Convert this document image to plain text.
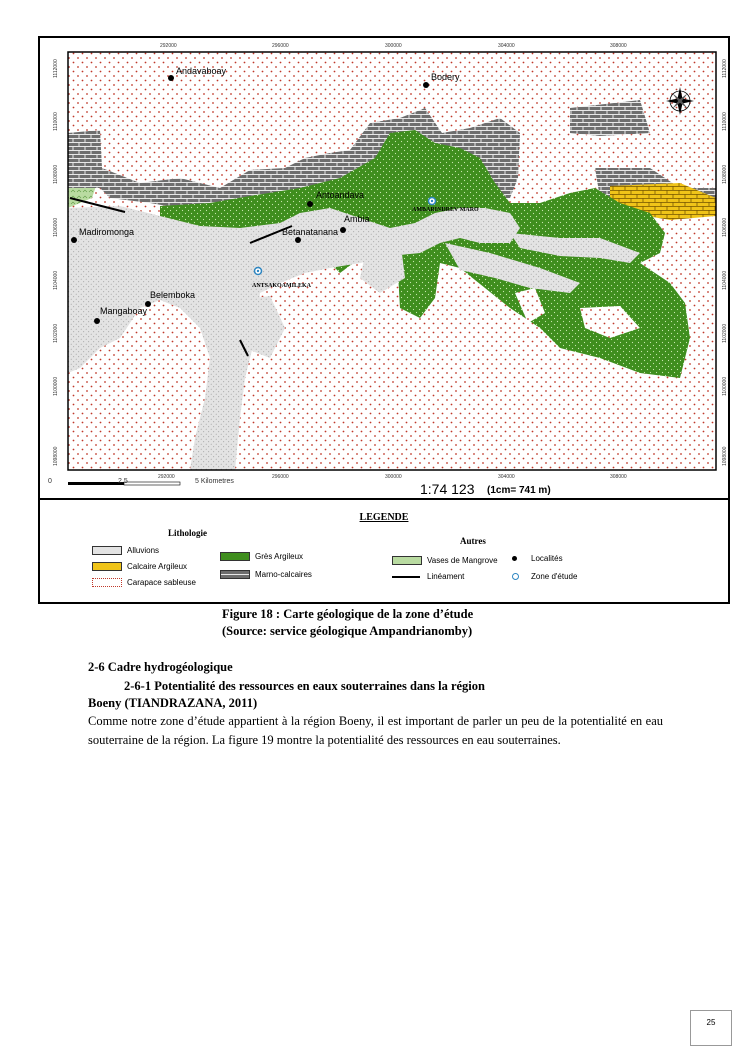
292000	296000	300000	304000	308000
292000	296000	300000	304000	308000
1112000
1110000
1108000
1106000
1104000
1102000
1100000
1098000
1112000
1110000
1108000
1106000
1104000
1102000
1100000
1098000
Andavaboay
Bodery
Antoandava
AMBARINDREV MARO
Ambia
Madiromonga	Betanatanana
ANTSAKOAMILEKA
Belemboka
Mangaboay
0	2.5	5 Kilometres	1:74 123 (1cm= 741 m)
LEGENDE
Lithologie
Autres
Alluvions
Calcaire Argileux
Carapace sableuse
Grès Argileux
Marno-calcaires
Vases de Mangrove
Linéament
Localités
Zone d'étude
Figure 18 : Carte géologique de la zone d’étude
(Source: service géologique Ampandrianomby)
2-6 Cadre hydrogéologique
2-6-1 Potentialité des ressources en eaux souterraines dans la région
Boeny (TIANDRAZANA, 2011)
Comme notre zone d’étude appartient à la région Boeny, il est important de parler un peu de la potentialité en eau souterraine de la région. La figure 19 montre la potentialité des ressources en eau souterraines.
25
